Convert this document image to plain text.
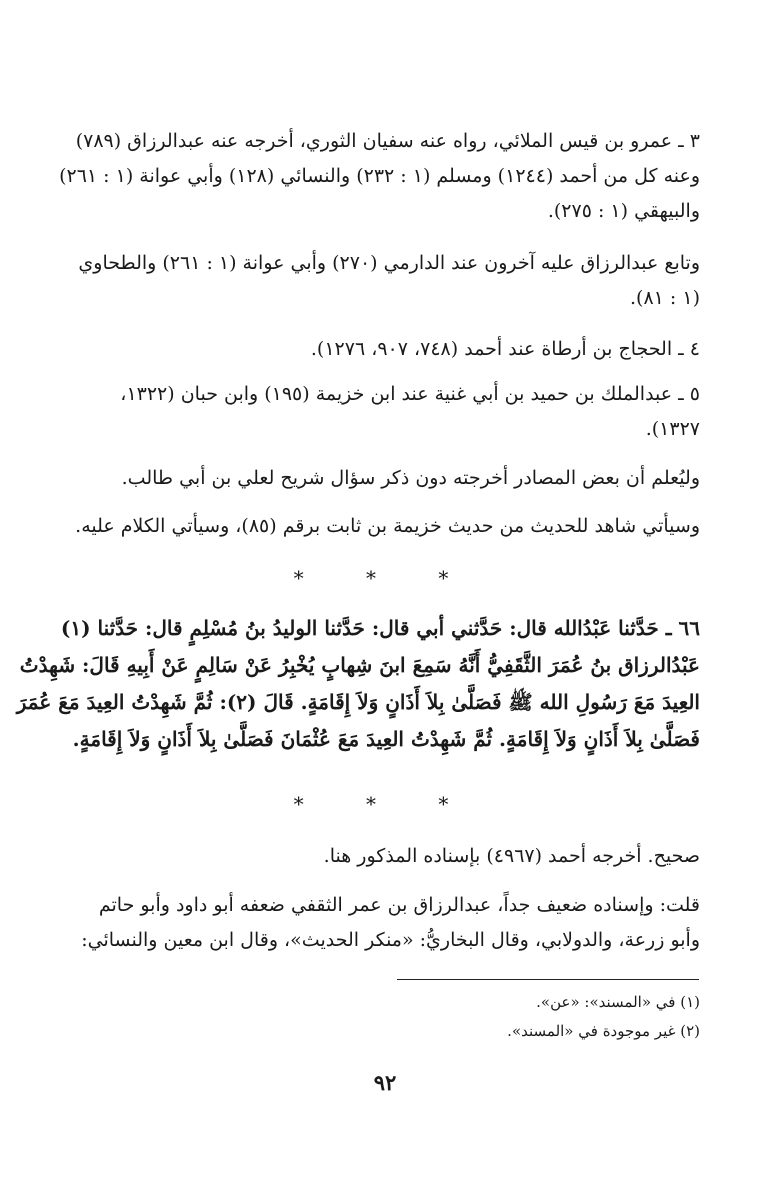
٣ ـ عمرو بن قيس الملائي، رواه عنه سفيان الثوري، أخرجه عنه عبدالرزاق (٧٨٩)
وعنه كل من أحمد (١٢٤٤) ومسلم (١ : ٢٣٢) والنسائي (١٢٨) وأبي عوانة (١ : ٢٦١)
والبيهقي (١ : ٢٧٥).
وتابع عبدالرزاق عليه آخرون عند الدارمي (٢٧٠) وأبي عوانة (١ : ٢٦١) والطحاوي
(١ : ٨١).
٤ ـ الحجاج بن أرطاة عند أحمد (٧٤٨، ٩٠٧، ١٢٧٦).
٥ ـ عبدالملك بن حميد بن أبي غنية عند ابن خزيمة (١٩٥) وابن حبان (١٣٢٢،
١٣٢٧).
وليُعلم أن بعض المصادر أخرجته دون ذكر سؤال شريح لعلي بن أبي طالب.
وسيأتي شاهد للحديث من حديث خزيمة بن ثابت برقم (٨٥)، وسيأتي الكلام عليه.
* * *
٦٦ ـ حَدَّثنا عَبْدُالله قال: حَدَّثني أبي قال: حَدَّثنا الوليدُ بنُ مُسْلِمٍ قال: حَدَّثنا (١)
عَبْدُالرزاق بنُ عُمَرَ الثَّقَفِيُّ أَنَّهُ سَمِعَ ابنَ شِهابٍ يُخْبِرُ عَنْ سَالِمٍ عَنْ أَبِيهِ قَالَ: شَهِدْتُ
العِيدَ مَعَ رَسُولِ الله ﷺ فَصَلَّىٰ بِلاَ أَذَانٍ وَلاَ إِقَامَةٍ. قَالَ (٢): ثُمَّ شَهِدْتُ العِيدَ مَعَ عُمَرَ
فَصَلَّىٰ بِلاَ أَذَانٍ وَلاَ إِقَامَةٍ. ثُمَّ شَهِدْتُ العِيدَ مَعَ عُثْمَانَ فَصَلَّىٰ بِلاَ أَذَانٍ وَلاَ إِقَامَةٍ.
* * *
صحيح. أخرجه أحمد (٤٩٦٧) بإسناده المذكور هنا.
قلت: وإسناده ضعيف جداً، عبدالرزاق بن عمر الثقفي ضعفه أبو داود وأبو حاتم
وأبو زرعة، والدولابي، وقال البخاريُّ: «منكر الحديث»، وقال ابن معين والنسائي:
(١) في «المسند»: «عن».
(٢) غير موجودة في «المسند».
٩٢
